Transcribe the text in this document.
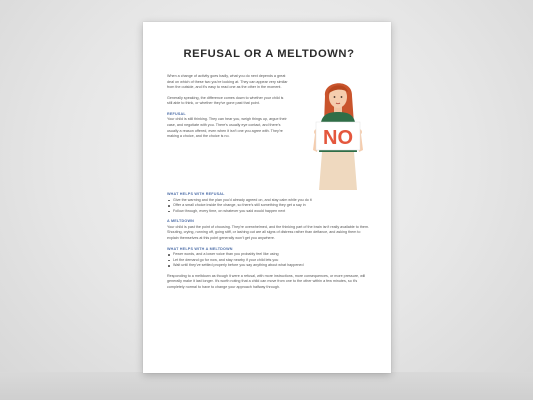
REFUSAL OR A MELTDOWN?
When a change of activity goes badly, what you do next depends a great deal on which of these two you're looking at. They can appear very similar from the outside, and it's easy to read one as the other in the moment.
Generally speaking, the difference comes down to whether your child is still able to think, or whether they've gone past that point.
REFUSAL
Your child is still thinking. They can hear you, weigh things up, argue their case, and negotiate with you. There's usually eye contact, and there's usually a reason offered, even when it isn't one you agree with. They're making a choice, and the choice is no.	NO
WHAT HELPS WITH REFUSAL
Give the warning and the plan you'd already agreed on, and stay calm while you do it
Offer a small choice inside the change, so there's still something they get a say in
Follow through, every time, on whatever you said would happen next
A MELTDOWN
Your child is past the point of choosing. They're overwhelmed, and the thinking part of the brain isn't really available to them. Shouting, crying, running off, going stiff, or lashing out are all signs of distress rather than defiance, and asking them to explain themselves at this point generally won't get you anywhere.
WHAT HELPS WITH A MELTDOWN
Fewer words, and a lower voice than you probably feel like using
Let the demand go for now, and stay nearby if your child lets you
Wait until they've settled properly before you say anything about what happened
Responding to a meltdown as though it were a refusal, with more instructions, more consequences, or more pressure, will generally make it last longer. It's worth noting that a child can move from one to the other within a few minutes, so it's completely normal to have to change your approach halfway through.
